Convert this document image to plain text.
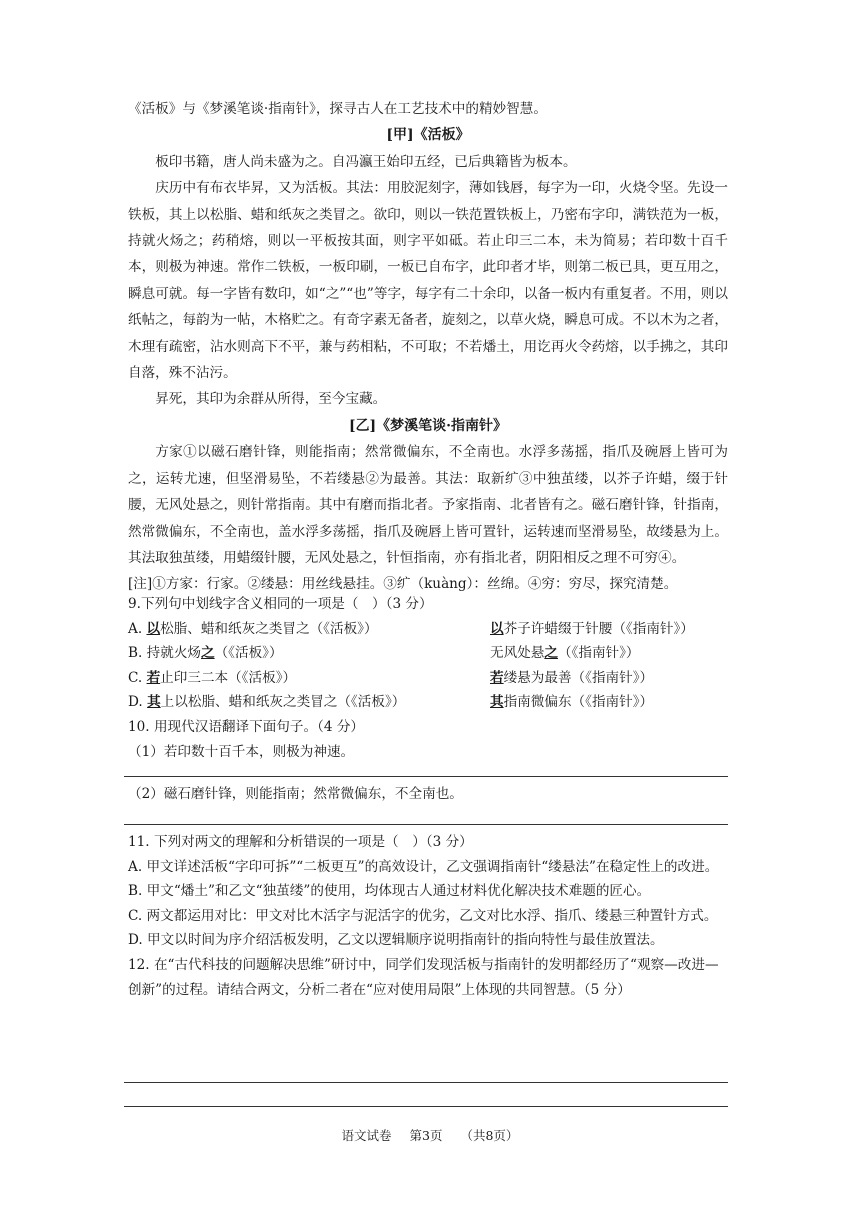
《活板》与《梦溪笔谈·指南针》，探寻古人在工艺技术中的精妙智慧。
[甲]《活板》

板印书籍，唐人尚未盛为之。自冯瀛王始印五经，已后典籍皆为板本。

庆历中有布衣毕昇，又为活板。其法：用胶泥刻字，薄如钱唇，每字为一印，火烧令坚。先设一铁板，其上以松脂、蜡和纸灰之类冒之。欲印，则以一铁范置铁板上，乃密布字印，满铁范为一板，持就火炀之；药稍熔，则以一平板按其面，则字平如砥。若止印三二本，未为简易；若印数十百千本，则极为神速。常作二铁板，一板印刷，一板已自布字，此印者才毕，则第二板已具，更互用之，瞬息可就。每一字皆有数印，如“之”“也”等字，每字有二十余印，以备一板内有重复者。不用，则以纸帖之，每韵为一帖，木格贮之。有奇字素无备者，旋刻之，以草火烧，瞬息可成。不以木为之者，木理有疏密，沾水则高下不平，兼与药相粘，不可取；不若燔土，用讫再火令药熔，以手拂之，其印自落，殊不沾污。

昇死，其印为余群从所得，至今宝藏。

[乙]《梦溪笔谈·指南针》

方家①以磁石磨针锋，则能指南；然常微偏东，不全南也。水浮多荡摇，指爪及碗唇上皆可为之，运转尤速，但坚滑易坠，不若缕悬②为最善。其法：取新纩③中独茧缕，以芥子许蜡，缀于针腰，无风处悬之，则针常指南。其中有磨而指北者。予家指南、北者皆有之。磁石磨针锋，针指南，然常微偏东，不全南也，盖水浮多荡摇，指爪及碗唇上皆可置针，运转速而坚滑易坠，故缕悬为上。其法取独茧缕，用蜡缀针腰，无风处悬之，针恒指南，亦有指北者，阴阳相反之理不可穷④。

[注]①方家：行家。②缕悬：用丝线悬挂。③纩（kuàng）：丝绵。④穷：穷尽，探究清楚。

9.下列句中划线字含义相同的一项是（　）（3 分）

A. 以松脂、蜡和纸灰之类冒之（《活板》）	以芥子许蜡缀于针腰（《指南针》）
B. 持就火炀之（《活板》）	无风处悬之（《指南针》）
C. 若止印三二本（《活板》）	若缕悬为最善（《指南针》）
D. 其上以松脂、蜡和纸灰之类冒之（《活板》）	其指南微偏东（《指南针》）

10. 用现代汉语翻译下面句子。（4 分）

（1）若印数十百千本，则极为神速。

（2）磁石磨针锋，则能指南；然常微偏东，不全南也。

11. 下列对两文的理解和分析错误的一项是（　）（3 分）

A. 甲文详述活板“字印可拆”“二板更互”的高效设计，乙文强调指南针“缕悬法”在稳定性上的改进。

B. 甲文“燔土”和乙文“独茧缕”的使用，均体现古人通过材料优化解决技术难题的匠心。

C. 两文都运用对比：甲文对比木活字与泥活字的优劣，乙文对比水浮、指爪、缕悬三种置针方式。

D. 甲文以时间为序介绍活板发明，乙文以逻辑顺序说明指南针的指向特性与最佳放置法。

12. 在“古代科技的问题解决思维”研讨中，同学们发现活板与指南针的发明都经历了“观察—改进—创新”的过程。请结合两文，分析二者在“应对使用局限”上体现的共同智慧。（5 分）

语文试卷 第3页 （共8页）
